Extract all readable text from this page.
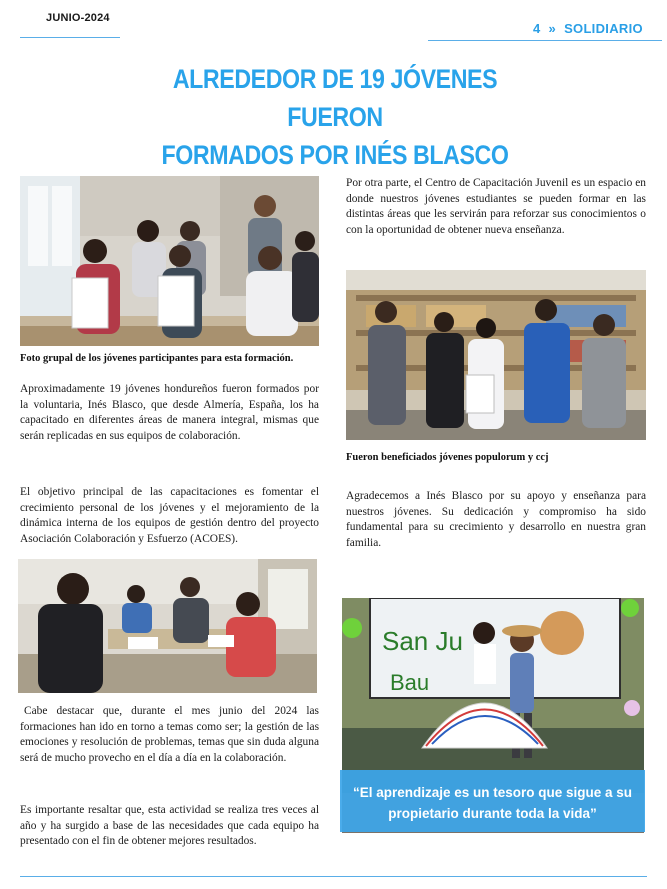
JUNIO-2024
4 » SOLIDIARIO
ALREDEDOR DE 19 JÓVENES FUERON
FORMADOS POR INÉS BLASCO
Foto grupal de los jóvenes participantes para esta formación.
Aproximadamente 19 jóvenes hondureños fueron formados por la voluntaria, Inés Blasco, que desde Almería, España, los ha capacitado en diferentes áreas de manera integral, mismas que serán replicadas en sus equipos de colaboración.
El objetivo principal de las capacitaciones es fomentar el crecimiento personal de los jóvenes y el mejoramiento de la dinámica interna de los equipos de gestión dentro del proyecto Asociación Colaboración y Esfuerzo (ACOES).
Cabe destacar que, durante el mes junio del 2024 las formaciones han ido en torno a temas como ser; la gestión de las emociones y resolución de problemas, temas que sin duda alguna será de mucho provecho en el día a día en la colaboración.
Es importante resaltar que, esta actividad se realiza tres veces al año y ha surgido a base de las necesidades que cada equipo ha presentado con el fin de obtener mejores resultados.
Por otra parte, el Centro de Capacitación Juvenil es un espacio en donde nuestros jóvenes estudiantes se pueden formar en las distintas áreas que les servirán para reforzar sus conocimientos o con la oportunidad de obtener nueva enseñanza.
Fueron beneficiados jóvenes populorum y ccj
Agradecemos a Inés Blasco por su apoyo y enseñanza para nuestros jóvenes. Su dedicación y compromiso ha sido fundamental para su crecimiento y desarrollo en nuestra gran familia.
San Ju
Bau
“El aprendizaje es un tesoro que sigue a su propietario durante toda la vida”
